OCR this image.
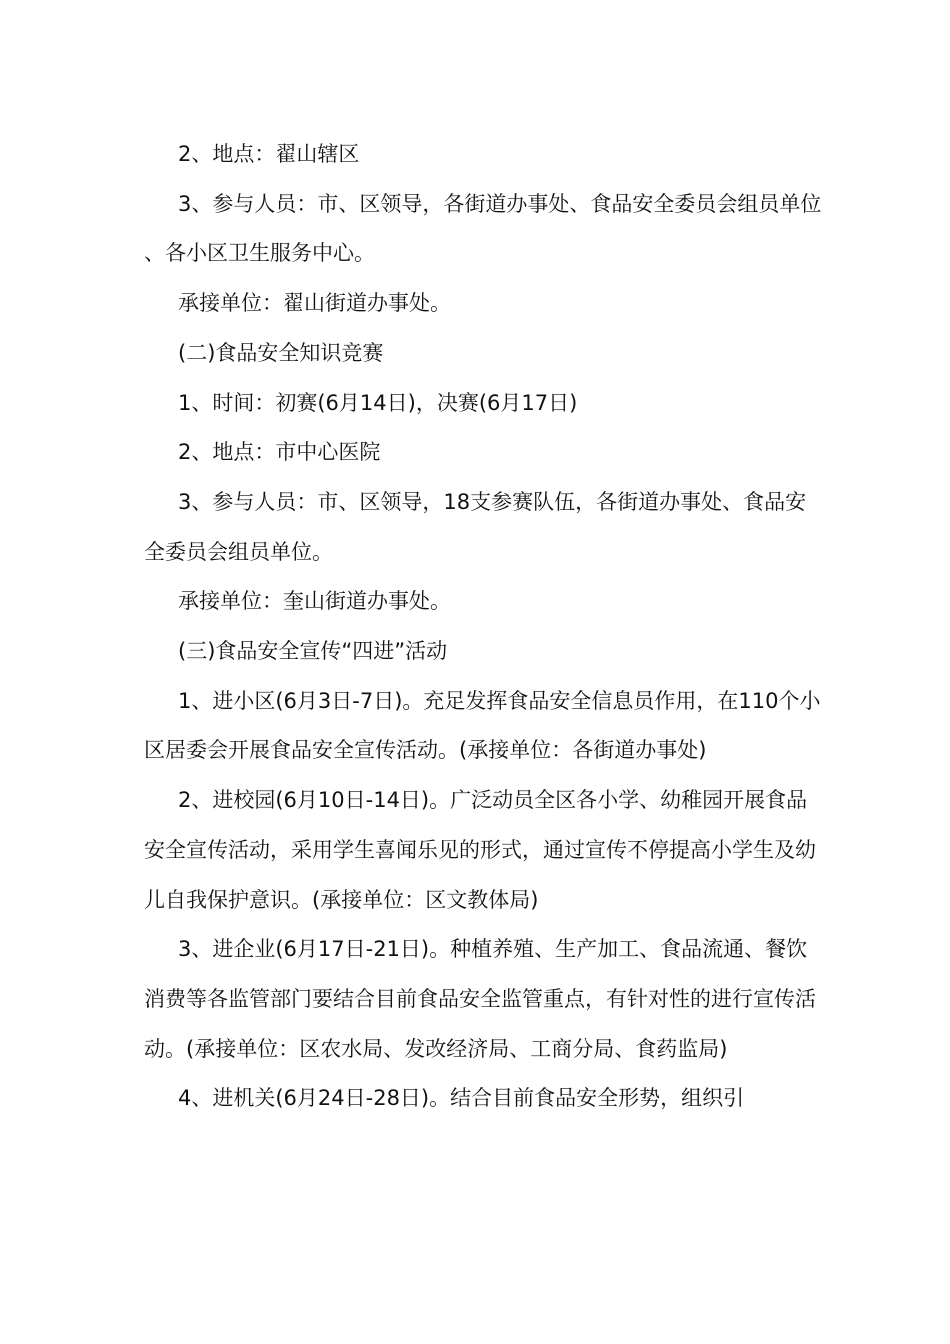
2、地点：翟山辖区

3、参与人员：市、区领导，各街道办事处、食品安全委员会组员单位、各小区卫生服务中心。

承接单位：翟山街道办事处。

(二)食品安全知识竞赛

1、时间：初赛(6月14日)，决赛(6月17日)

2、地点：市中心医院

3、参与人员：市、区领导，18支参赛队伍，各街道办事处、食品安全委员会组员单位。

承接单位：奎山街道办事处。

(三)食品安全宣传“四进”活动

1、进小区(6月3日-7日)。充足发挥食品安全信息员作用，在110个小区居委会开展食品安全宣传活动。(承接单位：各街道办事处)

2、进校园(6月10日-14日)。广泛动员全区各小学、幼稚园开展食品安全宣传活动，采用学生喜闻乐见的形式，通过宣传不停提高小学生及幼儿自我保护意识。(承接单位：区文教体局)

3、进企业(6月17日-21日)。种植养殖、生产加工、食品流通、餐饮消费等各监管部门要结合目前食品安全监管重点，有针对性的进行宣传活动。(承接单位：区农水局、发改经济局、工商分局、食药监局)

4、进机关(6月24日-28日)。结合目前食品安全形势，组织引
